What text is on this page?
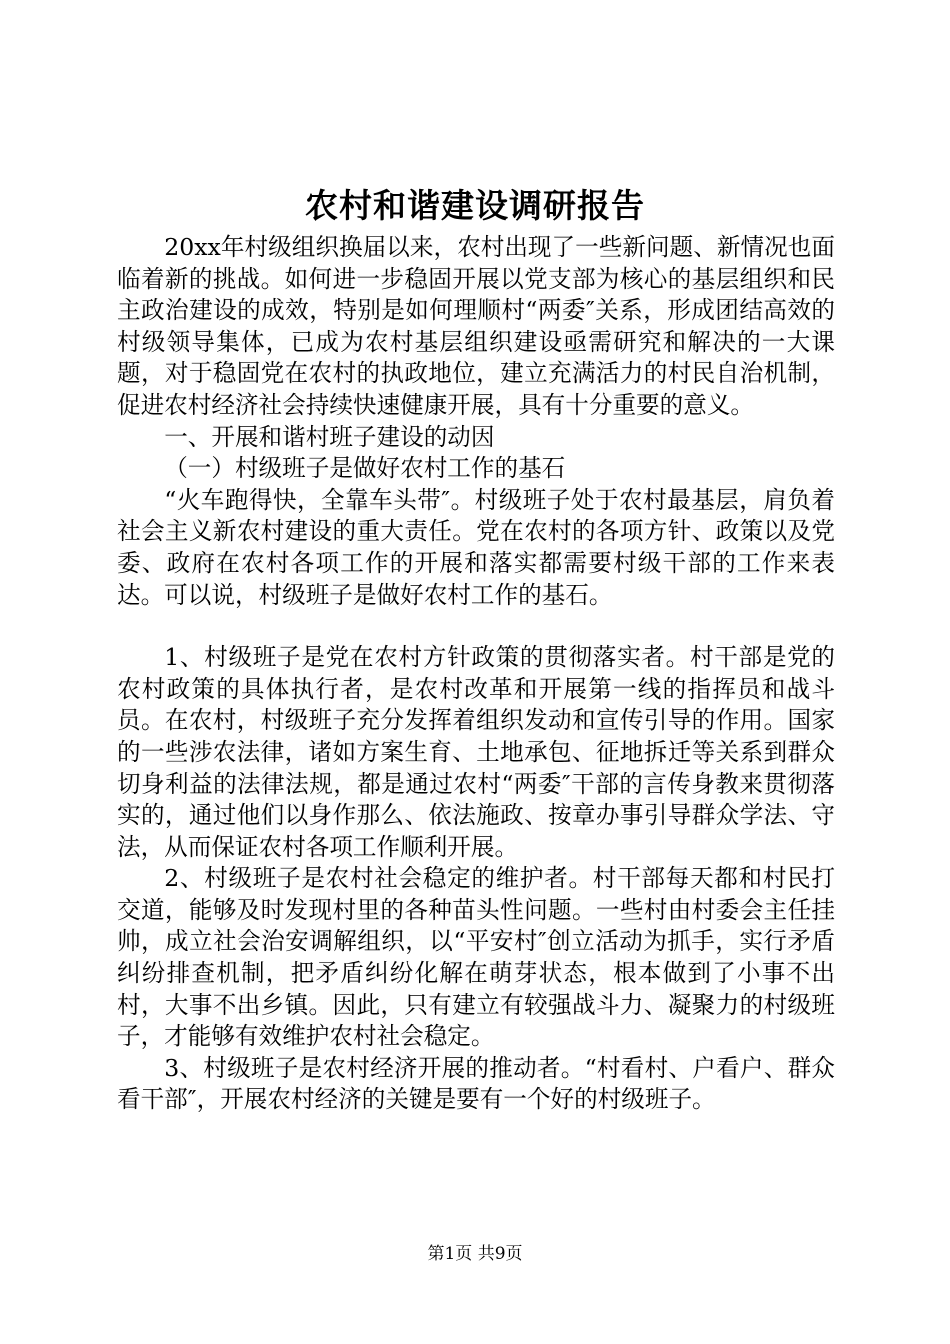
农村和谐建设调研报告

20xx年村级组织换届以来，农村出现了一些新问题、新情况也面临着新的挑战。如何进一步稳固开展以党支部为核心的基层组织和民主政治建设的成效，特别是如何理顺村“两委″关系，形成团结高效的村级领导集体，已成为农村基层组织建设亟需研究和解决的一大课题，对于稳固党在农村的执政地位，建立充满活力的村民自治机制，促进农村经济社会持续快速健康开展，具有十分重要的意义。

一、开展和谐村班子建设的动因

（一）村级班子是做好农村工作的基石

“火车跑得快，全靠车头带″。村级班子处于农村最基层，肩负着社会主义新农村建设的重大责任。党在农村的各项方针、政策以及党委、政府在农村各项工作的开展和落实都需要村级干部的工作来表达。可以说，村级班子是做好农村工作的基石。

1、村级班子是党在农村方针政策的贯彻落实者。村干部是党的农村政策的具体执行者，是农村改革和开展第一线的指挥员和战斗员。在农村，村级班子充分发挥着组织发动和宣传引导的作用。国家的一些涉农法律，诸如方案生育、土地承包、征地拆迁等关系到群众切身利益的法律法规，都是通过农村“两委″干部的言传身教来贯彻落实的，通过他们以身作那么、依法施政、按章办事引导群众学法、守法，从而保证农村各项工作顺利开展。

2、村级班子是农村社会稳定的维护者。村干部每天都和村民打交道，能够及时发现村里的各种苗头性问题。一些村由村委会主任挂帅，成立社会治安调解组织，以“平安村″创立活动为抓手，实行矛盾纠纷排查机制，把矛盾纠纷化解在萌芽状态，根本做到了小事不出村，大事不出乡镇。因此，只有建立有较强战斗力、凝聚力的村级班子，才能够有效维护农村社会稳定。

3、村级班子是农村经济开展的推动者。“村看村、户看户、群众看干部″，开展农村经济的关键是要有一个好的村级班子。

第1页 共9页
